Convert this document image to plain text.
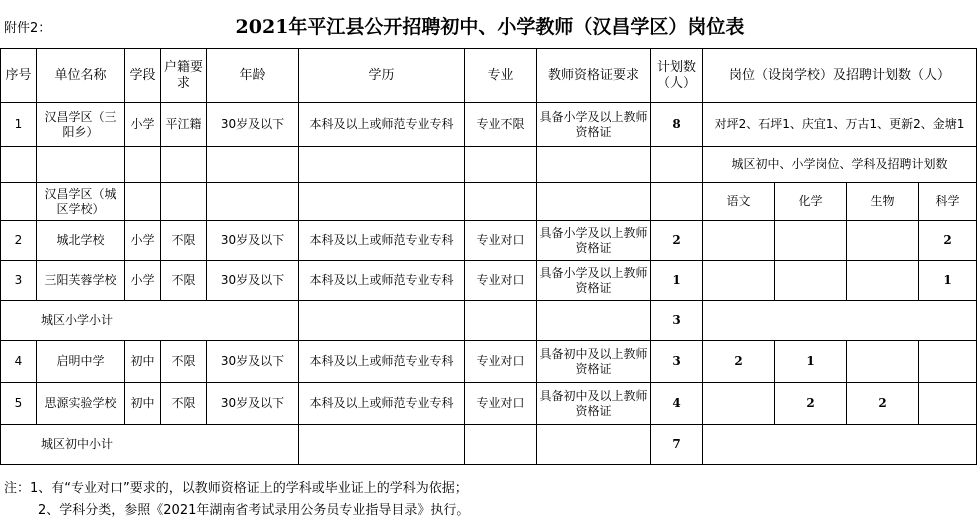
附件2：	2021年平江县公开招聘初中、小学教师（汉昌学区）岗位表
序号	单位名称	学段	户籍要求	年龄	学历	专业	教师资格证要求	计划数（人）	岗位（设岗学校）及招聘计划数（人）			
1	汉昌学区（三阳乡）	小学	平江籍	30岁及以下	本科及以上或师范专业专科	专业不限	具备小学及以上教师资格证	8	对坪2、石坪1、庆宜1、万古1、更新2、金塘1			
									城区初中、小学岗位、学科及招聘计划数			
	汉昌学区（城区学校）								语文	化学	生物	科学
2	城北学校	小学	不限	30岁及以下	本科及以上或师范专业专科	专业对口	具备小学及以上教师资格证	2				2
3	三阳芙蓉学校	小学	不限	30岁及以下	本科及以上或师范专业专科	专业对口	具备小学及以上教师资格证	1				1
城区小学小计								3				
4	启明中学	初中	不限	30岁及以下	本科及以上或师范专业专科	专业对口	具备初中及以上教师资格证	3	2	1		
5	思源实验学校	初中	不限	30岁及以下	本科及以上或师范专业专科	专业对口	具备初中及以上教师资格证	4		2	2	
城区初中小计								7				
注：1、有“专业对口”要求的，以教师资格证上的学科或毕业证上的学科为依据；
2、学科分类，参照《2021年湖南省考试录用公务员专业指导目录》执行。
